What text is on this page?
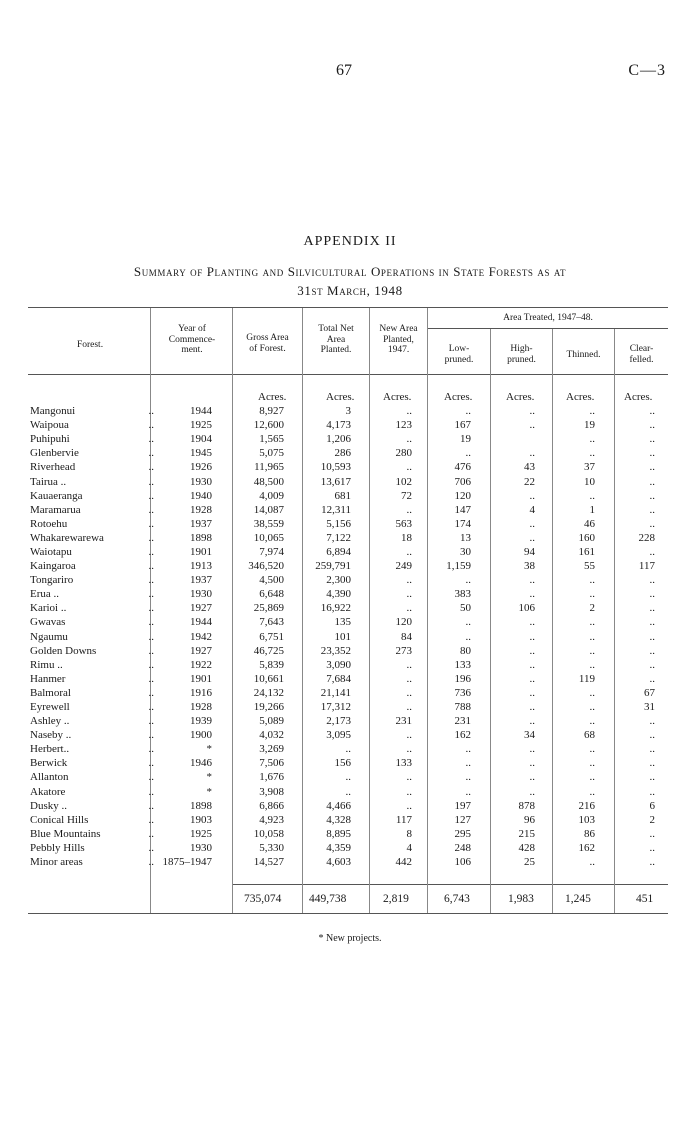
67	C—3
APPENDIX II
Summary of Planting and Silvicultural Operations in State Forests as at
31st March, 1948
Forest.
Year of
Commence-
ment.
Gross Area
of Forest.
Total Net
Area
Planted.
New Area
Planted,
1947.
Area Treated, 1947–48.
Low-
pruned.
High-
pruned.	Thinned.
Clear-
felled.
Acres.	Acres.	Acres.	Acres.	Acres.	Acres.	Acres.
Mangonui	..	1944	8,927	3	..	..	..	..	..
Waipoua	..	1925	12,600	4,173	123	167	..	19	..
Puhipuhi	..	1904	1,565	1,206	..	19		..	..
Glenbervie	..	1945	5,075	286	280	..	..	..	..
Riverhead	..	1926	11,965	10,593	..	476	43	37	..
Tairua ..	..	1930	48,500	13,617	102	706	22	10	..
Kauaeranga	..	1940	4,009	681	72	120	..	..	..
Maramarua	..	1928	14,087	12,311	..	147	4	1	..
Rotoehu	..	1937	38,559	5,156	563	174	..	46	..
Whakarewarewa	..	1898	10,065	7,122	18	13	..	160	228
Waiotapu	..	1901	7,974	6,894	..	30	94	161	..
Kaingaroa	..	1913	346,520	259,791	249	1,159	38	55	117
Tongariro	..	1937	4,500	2,300	..	..	..	..	..
Erua ..	..	1930	6,648	4,390	..	383	..	..	..
Karioi ..	..	1927	25,869	16,922	..	50	106	2	..
Gwavas	..	1944	7,643	135	120	..	..	..	..
Ngaumu	..	1942	6,751	101	84	..	..	..	..
Golden Downs	..	1927	46,725	23,352	273	80	..	..	..
Rimu ..	..	1922	5,839	3,090	..	133	..	..	..
Hanmer	..	1901	10,661	7,684	..	196	..	119	..
Balmoral	..	1916	24,132	21,141	..	736	..	..	67
Eyrewell	..	1928	19,266	17,312	..	788	..	..	31
Ashley ..	..	1939	5,089	2,173	231	231	..	..	..
Naseby ..	..	1900	4,032	3,095	..	162	34	68	..
Herbert..	..	*	3,269	..	..	..	..	..	..
Berwick	..	1946	7,506	156	133	..	..	..	..
Allanton	..	*	1,676	..	..	..	..	..	..
Akatore	..	*	3,908	..	..	..	..	..	..
Dusky ..	..	1898	6,866	4,466	..	197	878	216	6
Conical Hills	..	1903	4,923	4,328	117	127	96	103	2
Blue Mountains	..	1925	10,058	8,895	8	295	215	86	..
Pebbly Hills	..	1930	5,330	4,359	4	248	428	162	..
Minor areas	..	1875–1947	14,527	4,603	442	106	25	..	..
735,074 449,738	2,819	6,743	1,983	1,245	451
* New projects.
